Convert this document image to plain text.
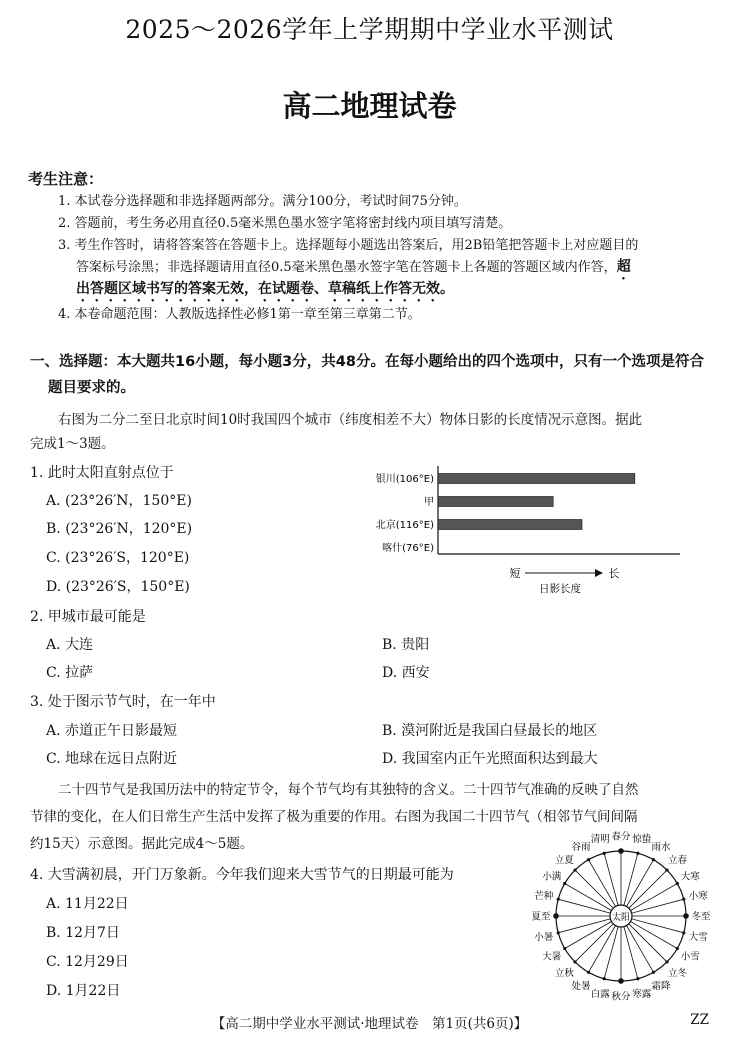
2025～2026学年上学期期中学业水平测试
高二地理试卷
考生注意：
1. 本试卷分选择题和非选择题两部分。满分100分，考试时间75分钟。
2. 答题前，考生务必用直径0.5毫米黑色墨水签字笔将密封线内项目填写清楚。
3. 考生作答时，请将答案答在答题卡上。选择题每小题选出答案后，用2B铅笔把答题卡上对应题目的
答案标号涂黑；非选择题请用直径0.5毫米黑色墨水签字笔在答题卡上各题的答题区域内作答，超
出答题区域书写的答案无效，在试题卷、草稿纸上作答无效。
4. 本卷命题范围：人教版选择性必修1第一章至第三章第二节。
一、选择题：本大题共16小题，每小题3分，共48分。在每小题给出的四个选项中，只有一个选项是符合
题目要求的。
右图为二分二至日北京时间10时我国四个城市（纬度相差不大）物体日影的长度情况示意图。据此
完成1～3题。
1. 此时太阳直射点位于
A. (23°26′N，150°E)
B. (23°26′N，120°E)
C. (23°26′S，120°E)
D. (23°26′S，150°E)
银川(106°E)
甲
北京(116°E)
喀什(76°E)
短	长
日影长度
2. 甲城市最可能是
A. 大连	B. 贵阳
C. 拉萨	D. 西安
3. 处于图示节气时，在一年中
A. 赤道正午日影最短	B. 漠河附近是我国白昼最长的地区
C. 地球在远日点附近	D. 我国室内正午光照面积达到最大
二十四节气是我国历法中的特定节令，每个节气均有其独特的含义。二十四节气准确的反映了自然
节律的变化，在人们日常生产生活中发挥了极为重要的作用。右图为我国二十四节气（相邻节气间间隔
约15天）示意图。据此完成4～5题。
4. 大雪满初晨，开门万象新。今年我们迎来大雪节气的日期最可能为
A. 11月22日
B. 12月7日
C. 12月29日
D. 1月22日
清明 春分 惊蛰
雨水
立春
大寒
小寒
冬至
大雪
小雪
立冬
霜降
寒露
秋分
白露
处暑
立秋
大暑
小暑
夏至
芒种
小满
立夏
谷雨
太阳
【高二期中学业水平测试·地理试卷　第1页(共6页)】	ZZ
